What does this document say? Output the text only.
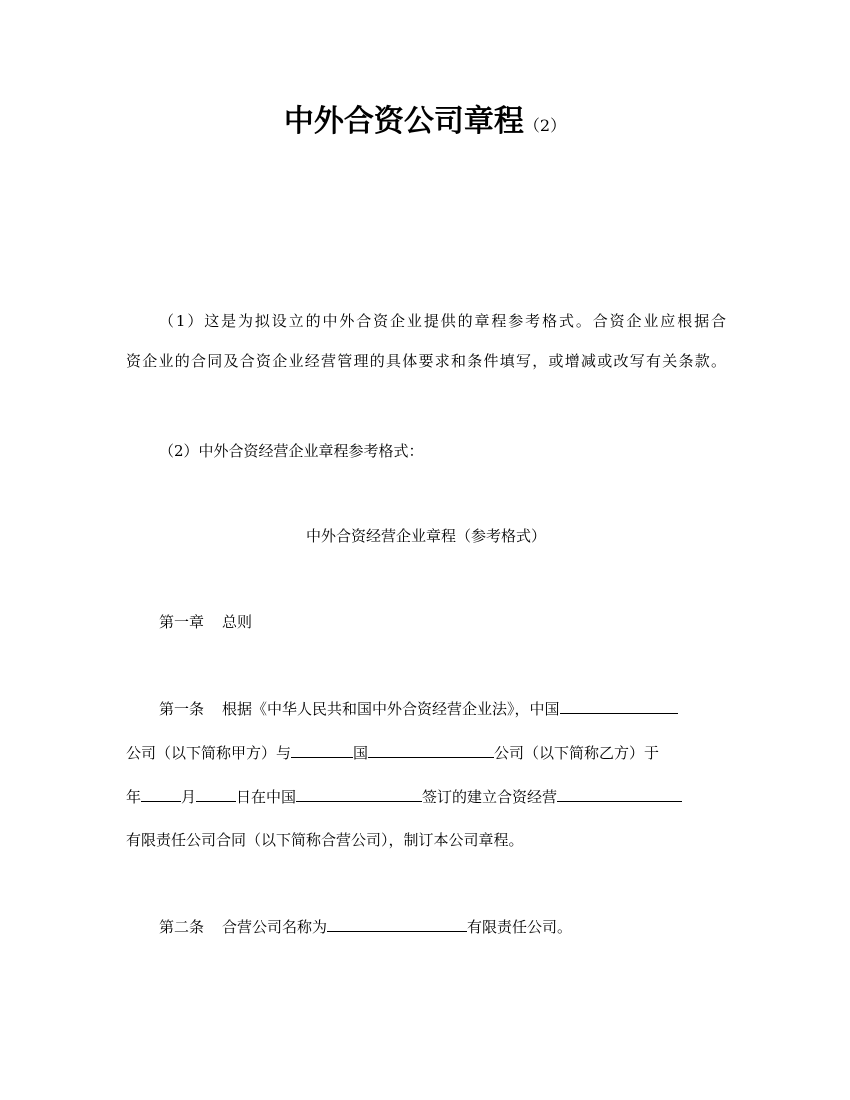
中外合资公司章程（2）
（1）这是为拟设立的中外合资企业提供的章程参考格式。合资企业应根据合
资企业的合同及合资企业经营管理的具体要求和条件填写，或增减或改写有关条款。
（2）中外合资经营企业章程参考格式：
中外合资经营企业章程（参考格式）
第一章 总则
第一条 根据《中华人民共和国中外合资经营企业法》，中国
公司（以下简称甲方）与	国	公司（以下简称乙方）于
年	月	日在中国	签订的建立合资经营
有限责任公司合同（以下简称合营公司），制订本公司章程。
第二条 合营公司名称为	有限责任公司。
